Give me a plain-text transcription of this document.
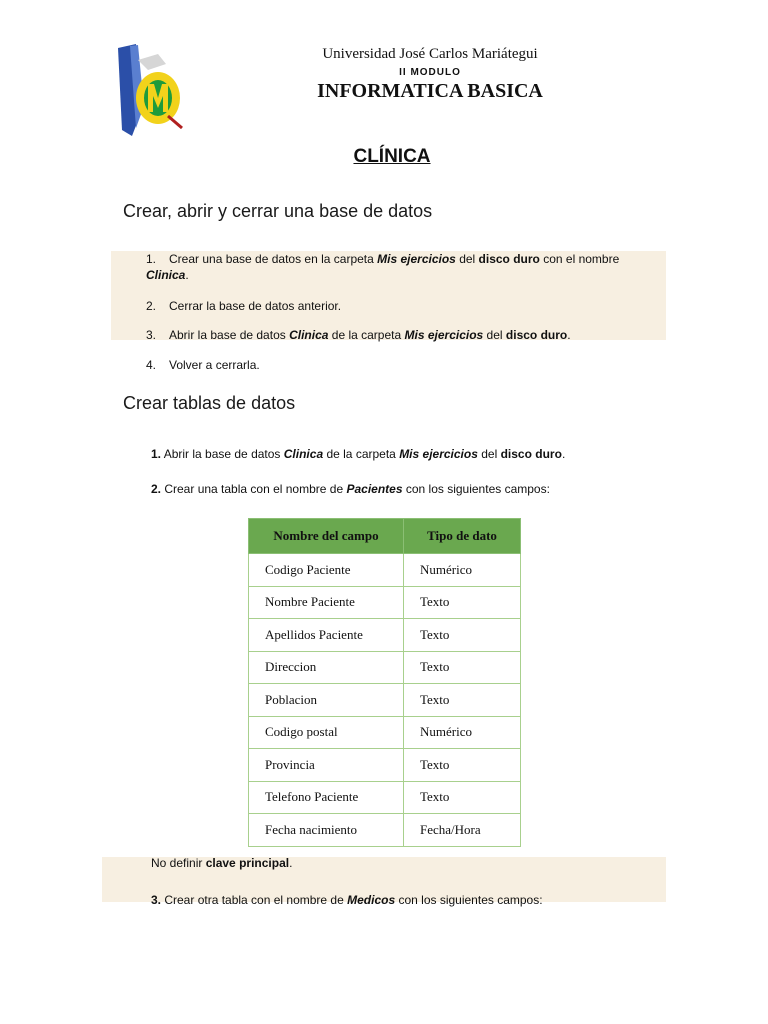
Universidad José Carlos Mariátegui
II MODULO
INFORMATICA BASICA
CLÍNICA
Crear, abrir y cerrar una base de datos
1. Crear una base de datos en la carpeta Mis ejercicios del disco duro con el nombre
Clinica.
2. Cerrar la base de datos anterior.
3. Abrir la base de datos Clinica de la carpeta Mis ejercicios del disco duro.
4. Volver a cerrarla.
Crear tablas de datos
1. Abrir la base de datos Clinica de la carpeta Mis ejercicios del disco duro.
2. Crear una tabla con el nombre de Pacientes con los siguientes campos:
Nombre del campo	Tipo de dato
Codigo Paciente	Numérico
Nombre Paciente	Texto
Apellidos Paciente	Texto
Direccion	Texto
Poblacion	Texto
Codigo postal	Numérico
Provincia	Texto
Telefono Paciente	Texto
Fecha nacimiento	Fecha/Hora
No definir clave principal.
3. Crear otra tabla con el nombre de Medicos con los siguientes campos:
